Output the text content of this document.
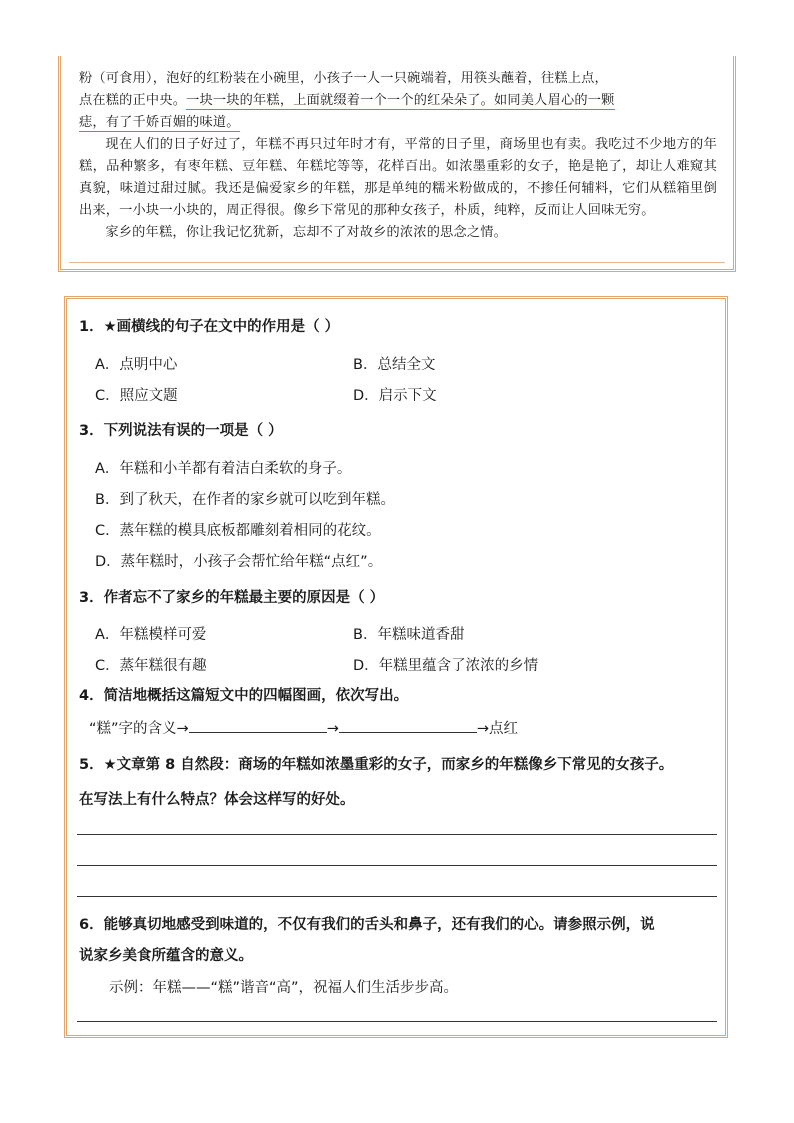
粉（可食用），泡好的红粉装在小碗里，小孩子一人一只碗端着，用筷头蘸着，往糕上点，

点在糕的正中央。一块一块的年糕，上面就缀着一个一个的红朵朵了。如同美人眉心的一颗

痣，有了千娇百媚的味道。

现在人们的日子好过了，年糕不再只过年时才有，平常的日子里，商场里也有卖。我吃过不少地方的年糕，品种繁多，有枣年糕、豆年糕、年糕坨等等，花样百出。如浓墨重彩的女子，艳是艳了，却让人难窥其真貌，味道过甜过腻。我还是偏爱家乡的年糕，那是单纯的糯米粉做成的，不掺任何辅料，它们从糕箱里倒出来，一小块一小块的，周正得很。像乡下常见的那种女孩子，朴质，纯粹，反而让人回味无穷。

家乡的年糕，你让我记忆犹新，忘却不了对故乡的浓浓的思念之情。

1．★画横线的句子在文中的作用是（ ）
A．点明中心	B．总结全文
C．照应文题	D．启示下文
3．下列说法有误的一项是（ ）
A．年糕和小羊都有着洁白柔软的身子。
B．到了秋天，在作者的家乡就可以吃到年糕。
C．蒸年糕的模具底板都雕刻着相同的花纹。
D．蒸年糕时，小孩子会帮忙给年糕“点红”。
3．作者忘不了家乡的年糕最主要的原因是（ ）
A．年糕模样可爱	B．年糕味道香甜
C．蒸年糕很有趣	D．年糕里蕴含了浓浓的乡情
4．简洁地概括这篇短文中的四幅图画，依次写出。
“糕”字的含义→	→	→点红
5．★文章第 8 自然段：商场的年糕如浓墨重彩的女子，而家乡的年糕像乡下常见的女孩子。
在写法上有什么特点？体会这样写的好处。
6．能够真切地感受到味道的，不仅有我们的舌头和鼻子，还有我们的心。请参照示例，说
说家乡美食所蕴含的意义。
示例：年糕——“糕”谐音“高”，祝福人们生活步步高。
